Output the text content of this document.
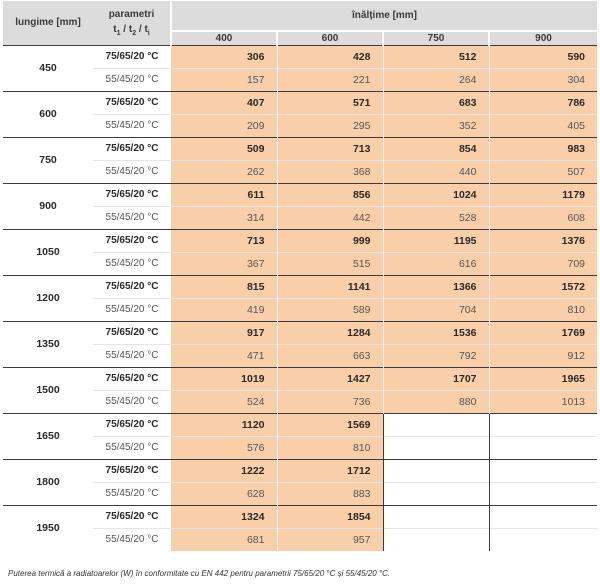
lungime [mm]	parametri
$t_1 / t_2 / t_i$	înălțime [mm]			
		400	600	750	900
450	75/65/20 °C	306	428	512	590
	55/45/20 °C	157	221	264	304
600	75/65/20 °C	407	571	683	786
	55/45/20 °C	209	295	352	405
750	75/65/20 °C	509	713	854	983
	55/45/20 °C	262	368	440	507
900	75/65/20 °C	611	856	1024	1179
	55/45/20 °C	314	442	528	608
1050	75/65/20 °C	713	999	1195	1376
	55/45/20 °C	367	515	616	709
1200	75/65/20 °C	815	1141	1366	1572
	55/45/20 °C	419	589	704	810
1350	75/65/20 °C	917	1284	1536	1769
	55/45/20 °C	471	663	792	912
1500	75/65/20 °C	1019	1427	1707	1965
	55/45/20 °C	524	736	880	1013
1650	75/65/20 °C	1120	1569		
	55/45/20 °C	576	810		
1800	75/65/20 °C	1222	1712		
	55/45/20 °C	628	883		
1950	75/65/20 °C	1324	1854		
	55/45/20 °C	681	957		
Puterea termică a radiatoarelor (W) în conformitate cu EN 442 pentru parametrii 75/65/20 °C și 55/45/20 °C.
